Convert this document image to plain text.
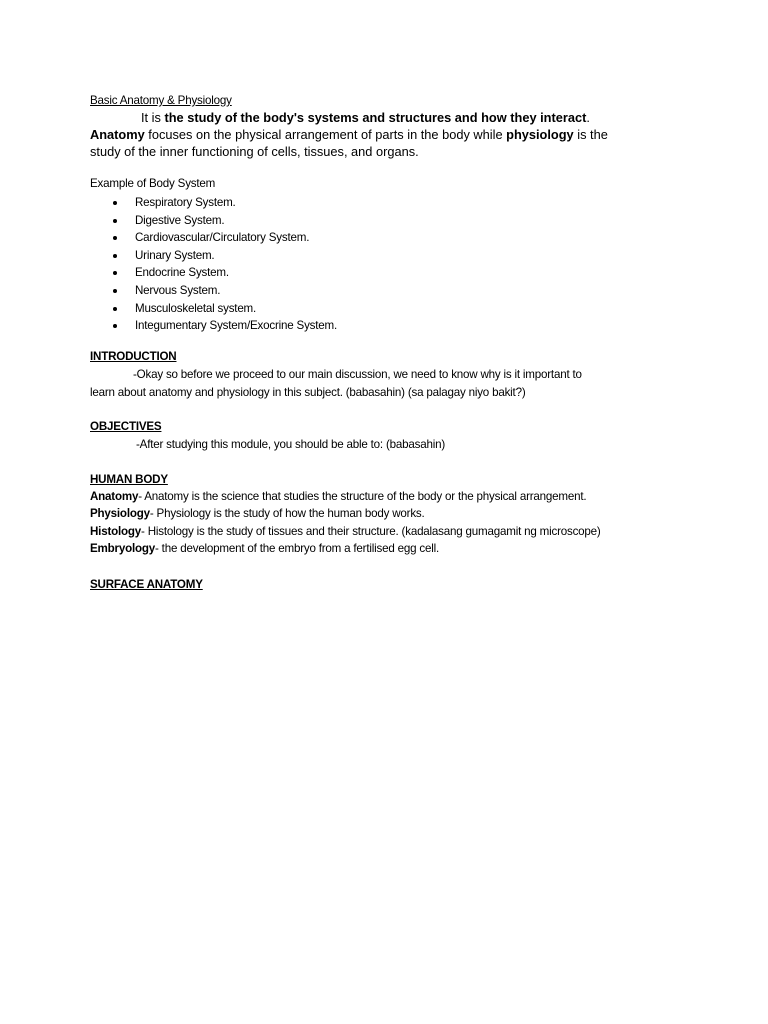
Basic Anatomy & Physiology
It is the study of the body's systems and structures and how they interact.
Anatomy focuses on the physical arrangement of parts in the body while physiology is the
study of the inner functioning of cells, tissues, and organs.
Example of Body System
Respiratory System.
Digestive System.
Cardiovascular/Circulatory System.
Urinary System.
Endocrine System.
Nervous System.
Musculoskeletal system.
Integumentary System/Exocrine System.
INTRODUCTION
-Okay so before we proceed to our main discussion, we need to know why is it important to
learn about anatomy and physiology in this subject. (babasahin) (sa palagay niyo bakit?)
OBJECTIVES
-After studying this module, you should be able to: (babasahin)
HUMAN BODY
Anatomy- Anatomy is the science that studies the structure of the body or the physical arrangement.
Physiology- Physiology is the study of how the human body works.
Histology- Histology is the study of tissues and their structure. (kadalasang gumagamit ng microscope)
Embryology- the development of the embryo from a fertilised egg cell.
SURFACE ANATOMY
